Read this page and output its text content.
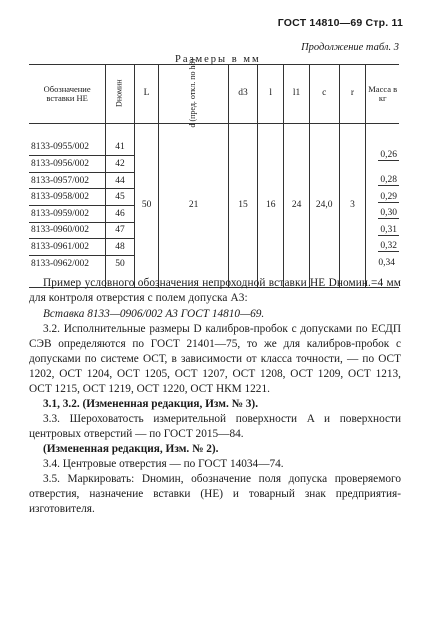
ГОСТ 14810—69 Стр. 11
Продолжение табл. 3
Размеры в мм
Обозначение вставки НЕ	Dномин	L	d (пред. откл. по h8)	d3	l	l1	c	r	Масса в кг

8133-0955/002	41	50	21	15	16	24	24,0	3	0,26
8133-0956/002	42								
8133-0957/002	44								0,28
8133-0958/002	45								0,29
8133-0959/002	46								0,30
8133-0960/002	47								0,31
8133-0961/002	48								0,32
8133-0962/002	50								0,34

Пример условного обозначения непроходной вставки НЕ Dномин.=4 мм для контроля отверстия с полем допуска A3:

Вставка 8133—0906/002 A3 ГОСТ 14810—69.

3.2. Исполнительные размеры D калибров-пробок с допусками по ЕСДП СЭВ определяются по ГОСТ 21401—75, то же для калибров-пробок с допусками по системе ОСТ, в зависимости от класса точности, — по ОСТ 1202, ОСТ 1204, ОСТ 1205, ОСТ 1207, ОСТ 1208, ОСТ 1209, ОСТ 1213, ОСТ 1215, ОСТ 1219, ОСТ 1220, ОСТ НКМ 1221.

3.1, 3.2. (Измененная редакция, Изм. № 3).

3.3. Шероховатость измерительной поверхности A и поверхности центровых отверстий — по ГОСТ 2015—84.

(Измененная редакция, Изм. № 2).

3.4. Центровые отверстия — по ГОСТ 14034—74.

3.5. Маркировать: Dномин, обозначение поля допуска проверяемого отверстия, назначение вставки (НЕ) и товарный знак предприятия-изготовителя.
